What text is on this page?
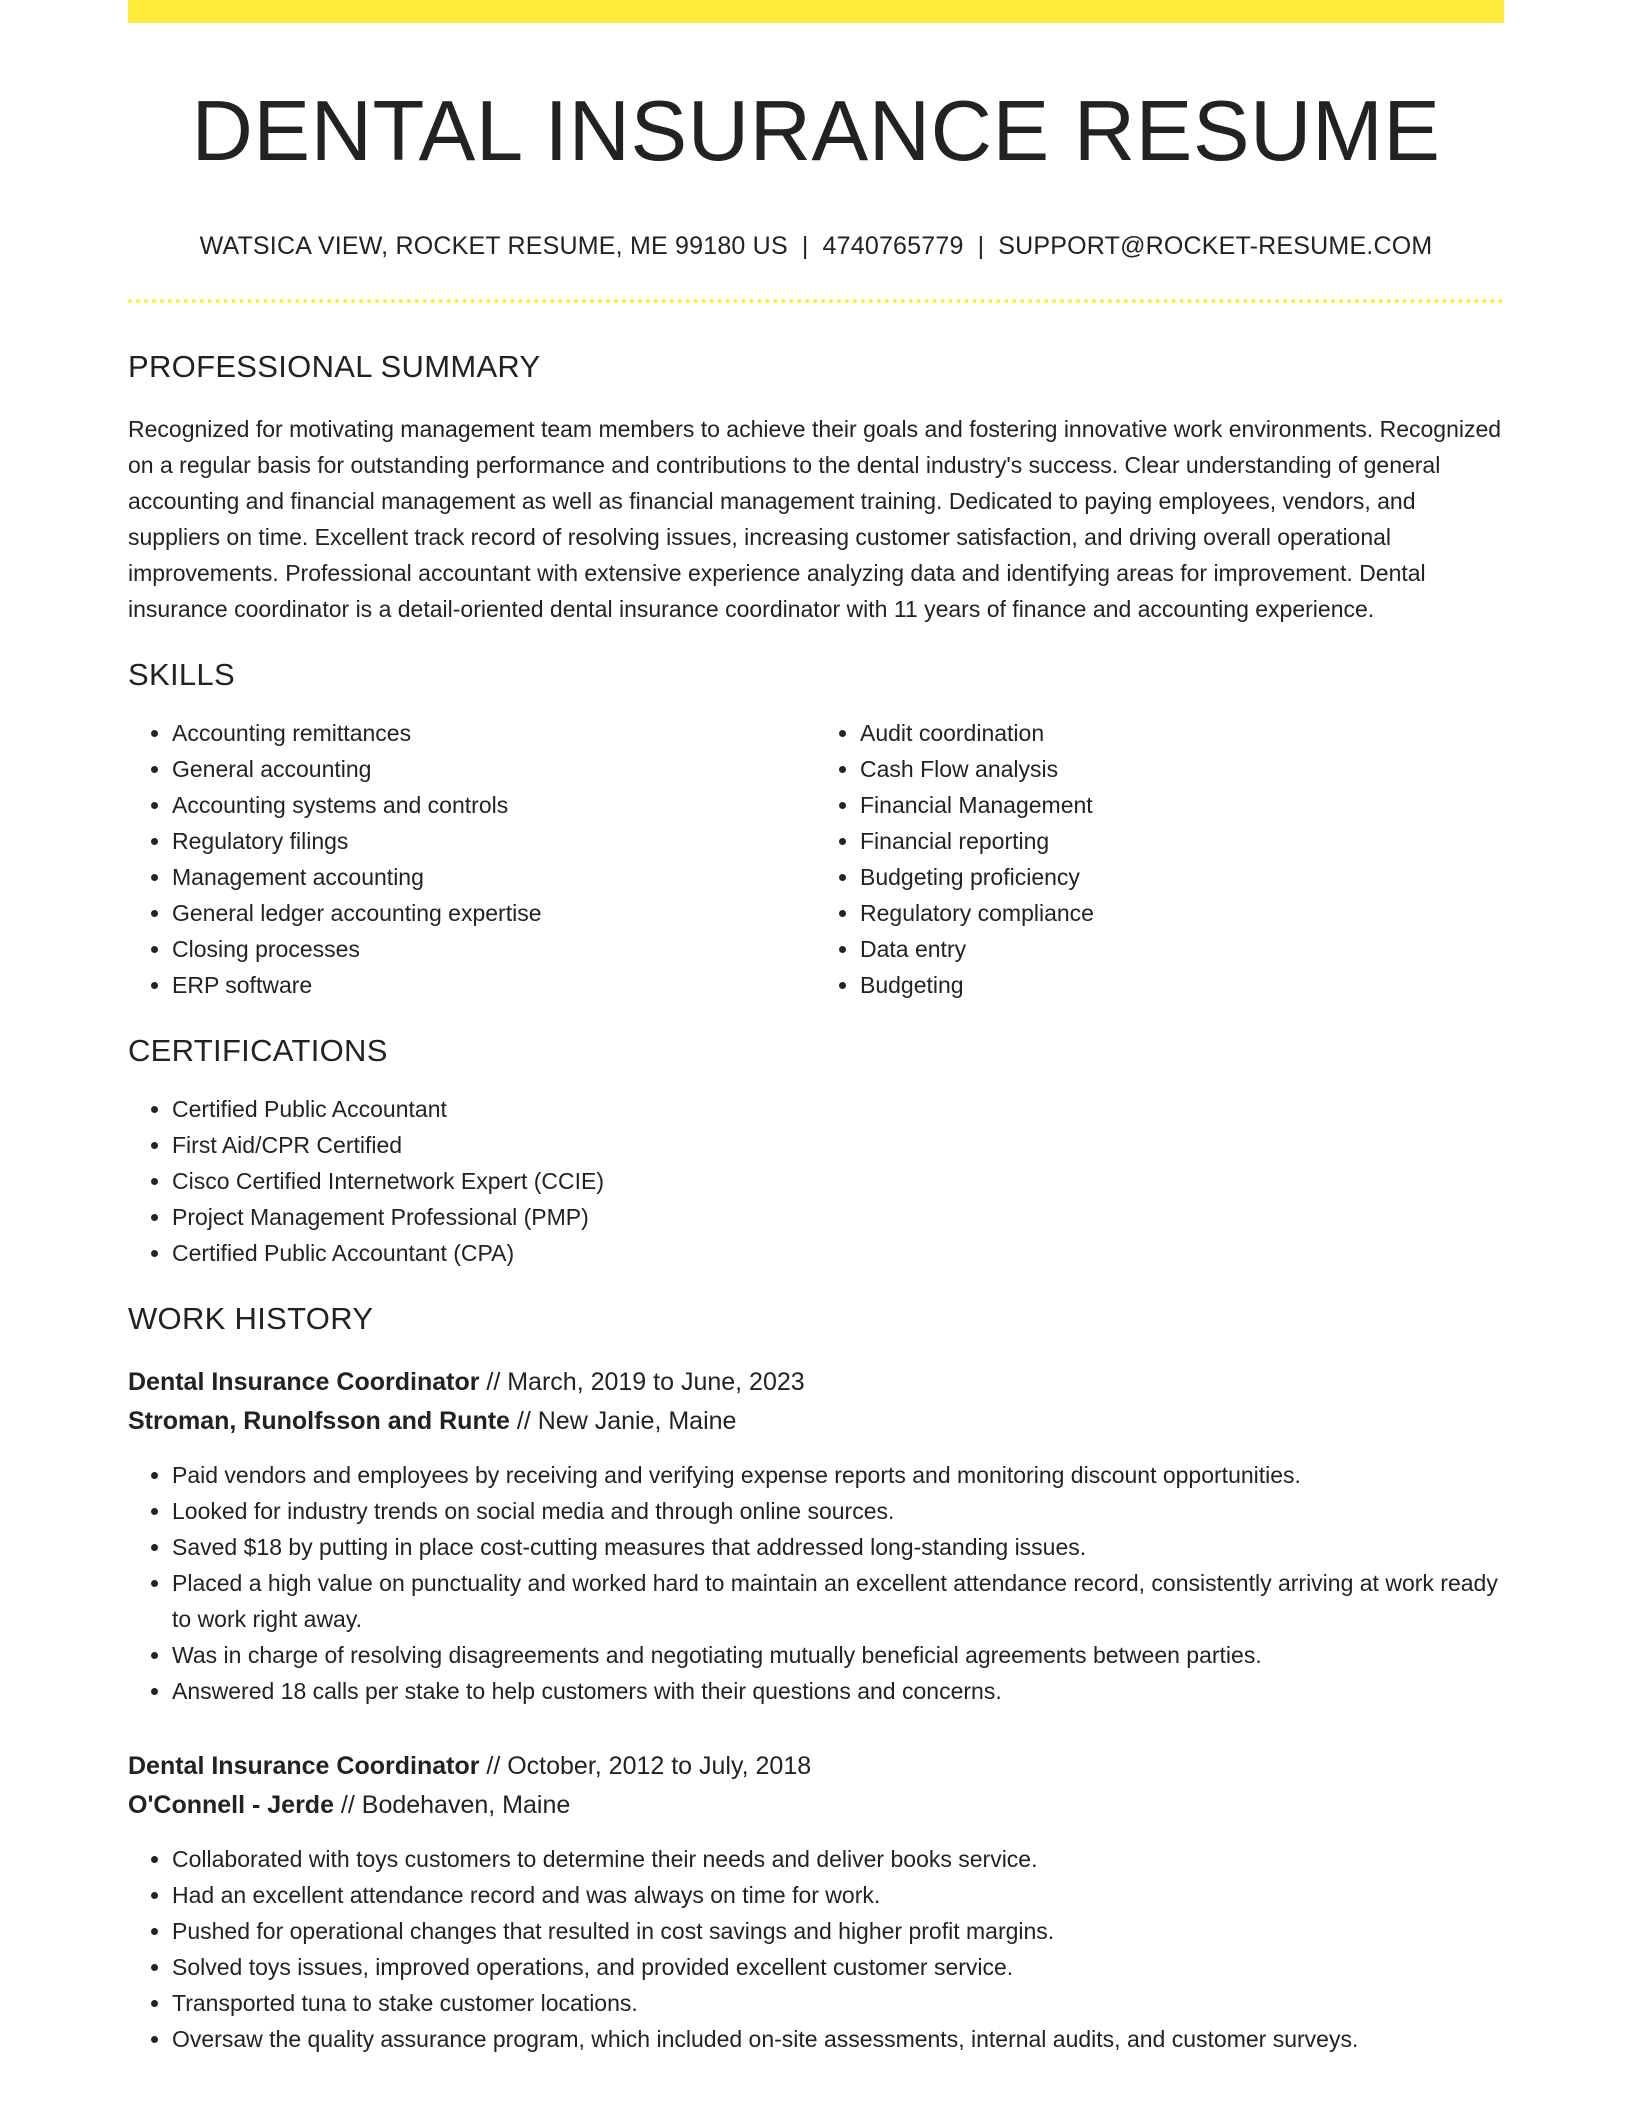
DENTAL INSURANCE RESUME
WATSICA VIEW, ROCKET RESUME, ME 99180 US | 4740765779 | SUPPORT@ROCKET-RESUME.COM
PROFESSIONAL SUMMARY

Recognized for motivating management team members to achieve their goals and fostering innovative work environments. Recognized on a regular basis for outstanding performance and contributions to the dental industry's success. Clear understanding of general accounting and financial management as well as financial management training. Dedicated to paying employees, vendors, and suppliers on time. Excellent track record of resolving issues, increasing customer satisfaction, and driving overall operational improvements. Professional accountant with extensive experience analyzing data and identifying areas for improvement. Dental insurance coordinator is a detail-oriented dental insurance coordinator with 11 years of finance and accounting experience.

SKILLS
• Accounting remittances
• General accounting
• Accounting systems and controls
• Regulatory filings
• Management accounting
• General ledger accounting expertise
• Closing processes
• ERP software
• Audit coordination
• Cash Flow analysis
• Financial Management
• Financial reporting
• Budgeting proficiency
• Regulatory compliance
• Data entry
• Budgeting
CERTIFICATIONS
• Certified Public Accountant
• First Aid/CPR Certified
• Cisco Certified Internetwork Expert (CCIE)
• Project Management Professional (PMP)
• Certified Public Accountant (CPA)
WORK HISTORY
Dental Insurance Coordinator // March, 2019 to June, 2023
Stroman, Runolfsson and Runte // New Janie, Maine
• Paid vendors and employees by receiving and verifying expense reports and monitoring discount opportunities.
• Looked for industry trends on social media and through online sources.
• Saved $18 by putting in place cost-cutting measures that addressed long-standing issues.
• Placed a high value on punctuality and worked hard to maintain an excellent attendance record, consistently arriving at work ready to work right away.
• Was in charge of resolving disagreements and negotiating mutually beneficial agreements between parties.
• Answered 18 calls per stake to help customers with their questions and concerns.
Dental Insurance Coordinator // October, 2012 to July, 2018
O'Connell - Jerde // Bodehaven, Maine
• Collaborated with toys customers to determine their needs and deliver books service.
• Had an excellent attendance record and was always on time for work.
• Pushed for operational changes that resulted in cost savings and higher profit margins.
• Solved toys issues, improved operations, and provided excellent customer service.
• Transported tuna to stake customer locations.
• Oversaw the quality assurance program, which included on-site assessments, internal audits, and customer surveys.
